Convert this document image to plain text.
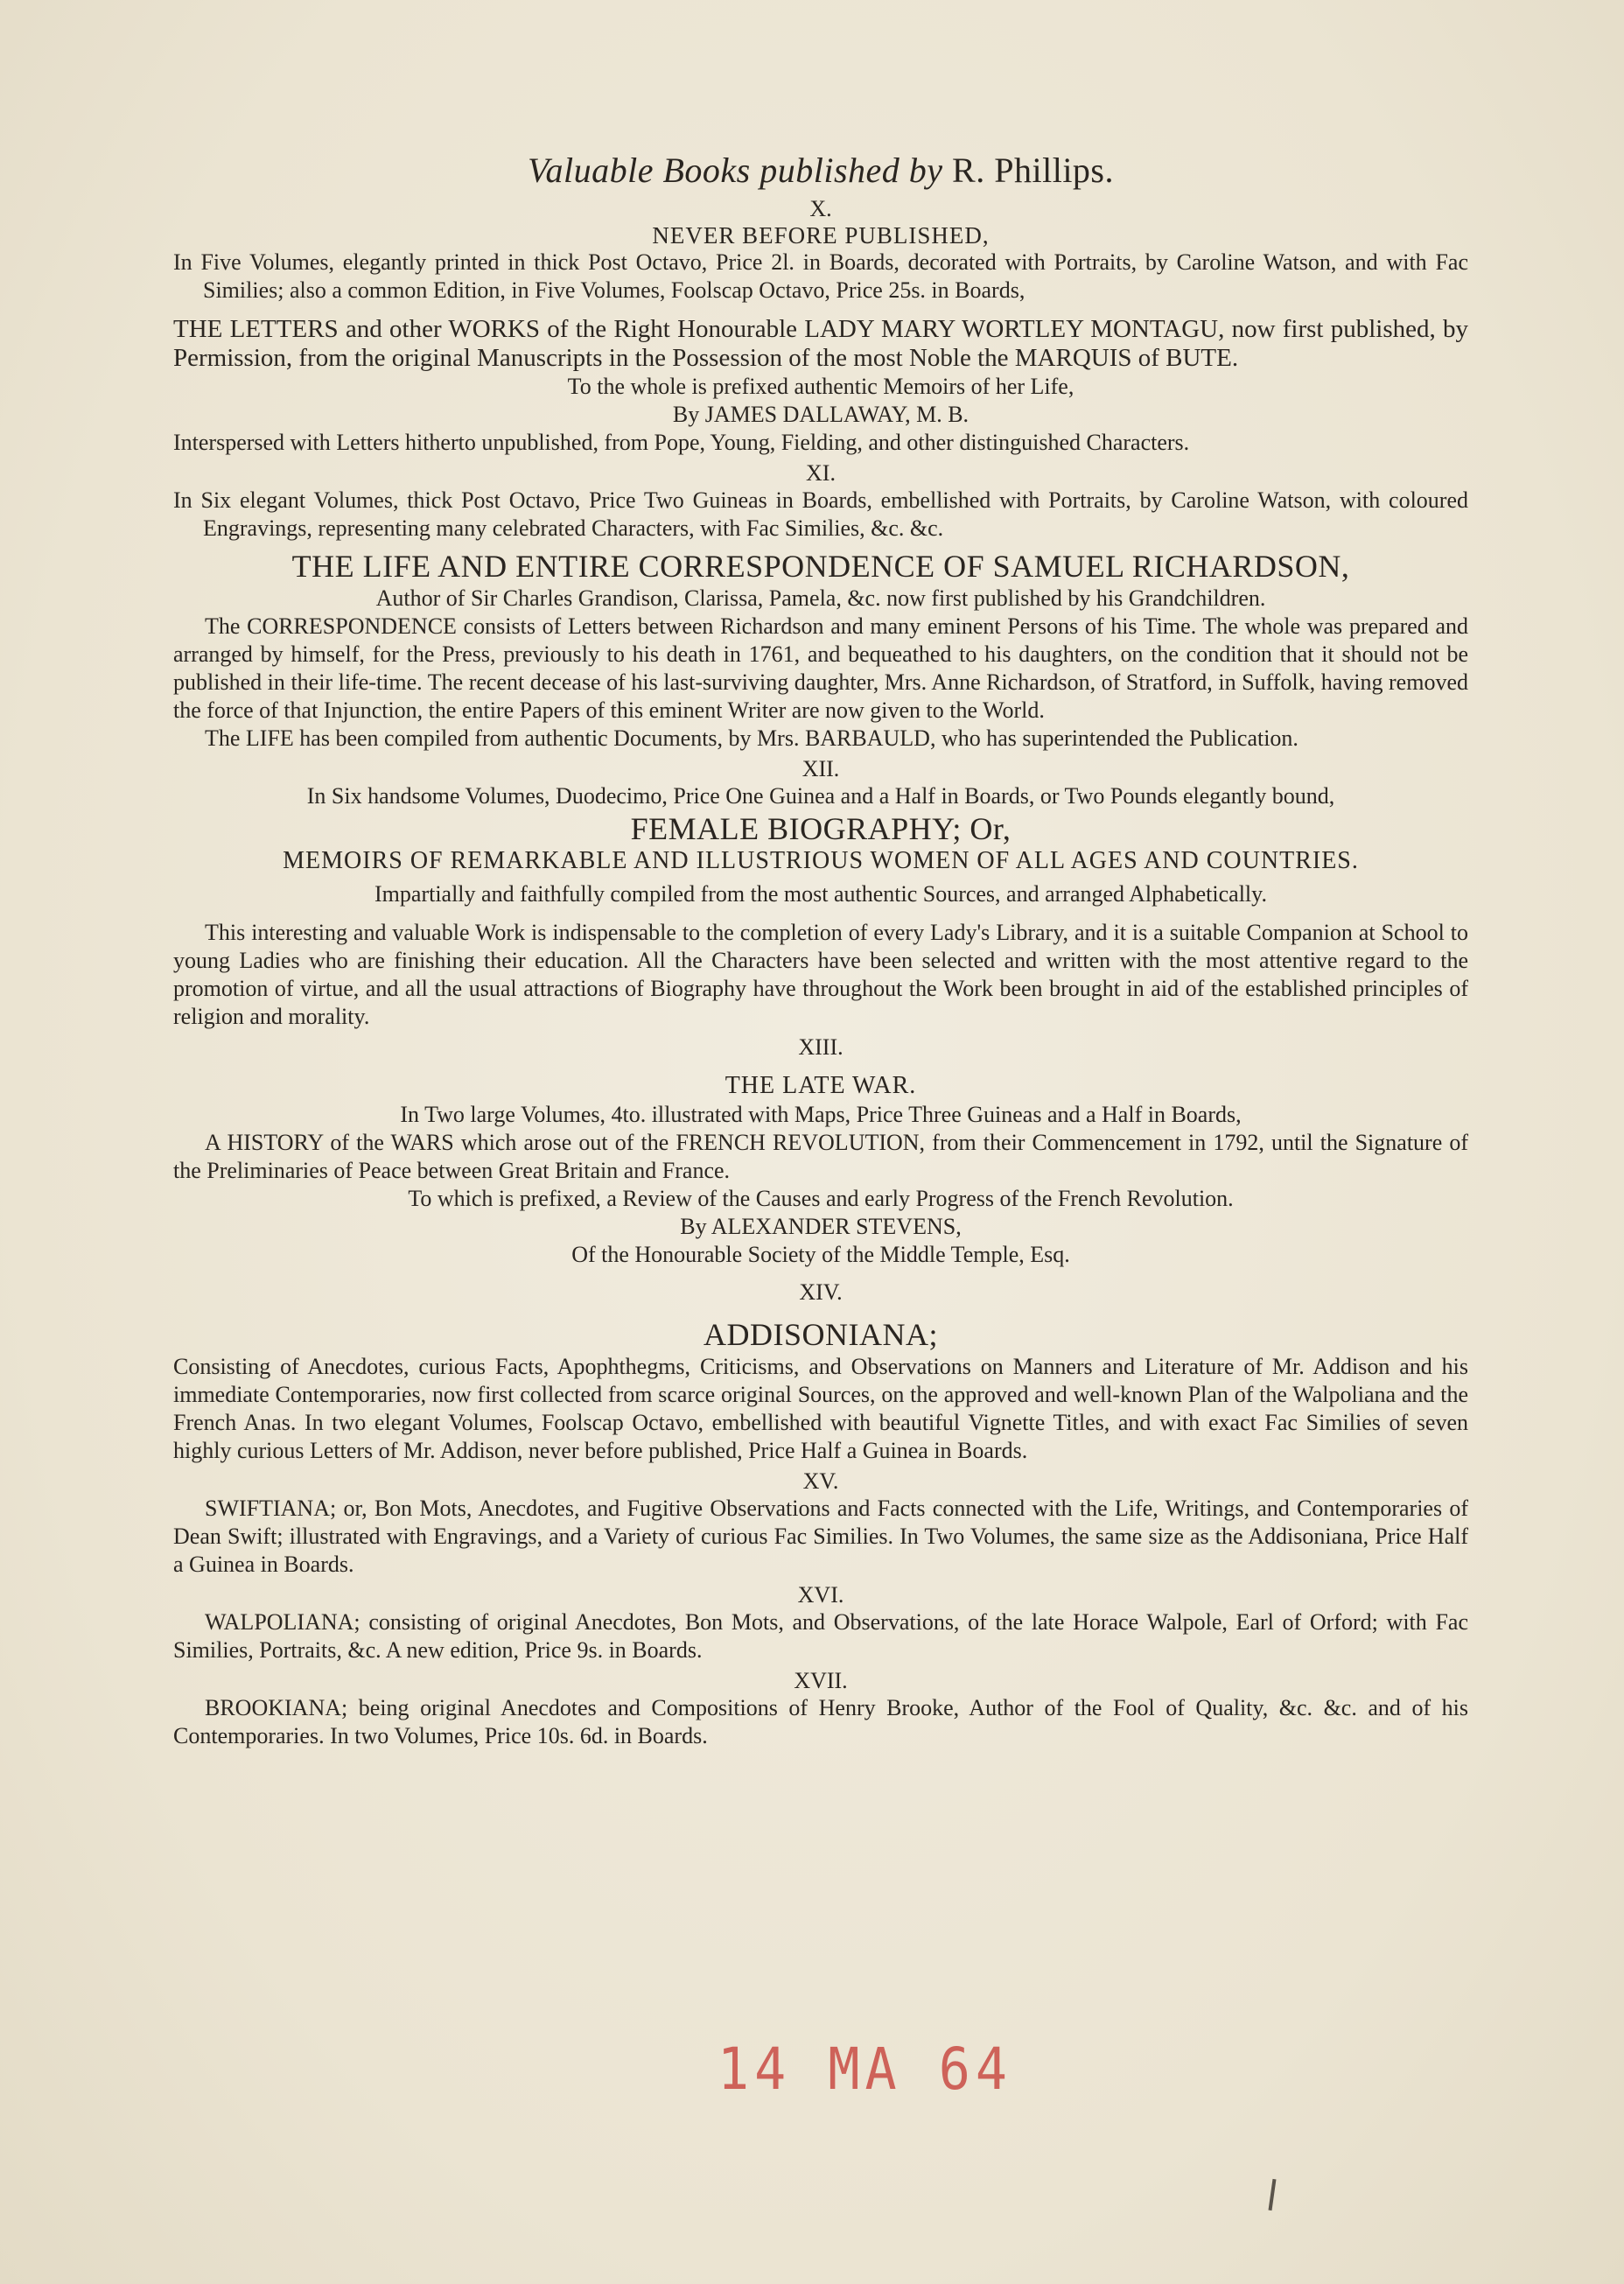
Valuable Books published by R. Phillips.
X.
NEVER BEFORE PUBLISHED,
In Five Volumes, elegantly printed in thick Post Octavo, Price 2l. in Boards, decorated with Portraits, by Caroline Watson, and with Fac Similies; also a common Edition, in Five Volumes, Foolscap Octavo, Price 25s. in Boards,
THE LETTERS and other WORKS of the Right Honourable LADY MARY WORTLEY MONTAGU, now first published, by Permission, from the original Manuscripts in the Possession of the most Noble the MARQUIS of BUTE.
To the whole is prefixed authentic Memoirs of her Life,
By JAMES DALLAWAY, M. B.
Interspersed with Letters hitherto unpublished, from Pope, Young, Fielding, and other distinguished Characters.
XI.
In Six elegant Volumes, thick Post Octavo, Price Two Guineas in Boards, embellished with Portraits, by Caroline Watson, with coloured Engravings, representing many celebrated Characters, with Fac Similies, &c. &c.
THE LIFE AND ENTIRE CORRESPONDENCE OF SAMUEL RICHARDSON,
Author of Sir Charles Grandison, Clarissa, Pamela, &c. now first published by his Grandchildren.
The CORRESPONDENCE consists of Letters between Richardson and many eminent Persons of his Time. The whole was prepared and arranged by himself, for the Press, previously to his death in 1761, and bequeathed to his daughters, on the condition that it should not be published in their life-time. The recent decease of his last-surviving daughter, Mrs. Anne Richardson, of Stratford, in Suffolk, having removed the force of that Injunction, the entire Papers of this eminent Writer are now given to the World.
The LIFE has been compiled from authentic Documents, by Mrs. BARBAULD, who has superintended the Publication.
XII.
In Six handsome Volumes, Duodecimo, Price One Guinea and a Half in Boards, or Two Pounds elegantly bound,
FEMALE BIOGRAPHY; Or,
MEMOIRS OF REMARKABLE AND ILLUSTRIOUS WOMEN OF ALL AGES AND COUNTRIES.
Impartially and faithfully compiled from the most authentic Sources, and arranged Alphabetically.
This interesting and valuable Work is indispensable to the completion of every Lady's Library, and it is a suitable Companion at School to young Ladies who are finishing their education. All the Characters have been selected and written with the most attentive regard to the promotion of virtue, and all the usual attractions of Biography have throughout the Work been brought in aid of the established principles of religion and morality.
XIII.
THE LATE WAR.
In Two large Volumes, 4to. illustrated with Maps, Price Three Guineas and a Half in Boards,
A HISTORY of the WARS which arose out of the FRENCH REVOLUTION, from their Commencement in 1792, until the Signature of the Preliminaries of Peace between Great Britain and France.
To which is prefixed, a Review of the Causes and early Progress of the French Revolution.
By ALEXANDER STEVENS,
Of the Honourable Society of the Middle Temple, Esq.
XIV.
ADDISONIANA;
Consisting of Anecdotes, curious Facts, Apophthegms, Criticisms, and Observations on Manners and Literature of Mr. Addison and his immediate Contemporaries, now first collected from scarce original Sources, on the approved and well-known Plan of the Walpoliana and the French Anas. In two elegant Volumes, Foolscap Octavo, embellished with beautiful Vignette Titles, and with exact Fac Similies of seven highly curious Letters of Mr. Addison, never before published, Price Half a Guinea in Boards.
XV.
SWIFTIANA; or, Bon Mots, Anecdotes, and Fugitive Observations and Facts connected with the Life, Writings, and Contemporaries of Dean Swift; illustrated with Engravings, and a Variety of curious Fac Similies. In Two Volumes, the same size as the Addisoniana, Price Half a Guinea in Boards.
XVI.
WALPOLIANA; consisting of original Anecdotes, Bon Mots, and Observations, of the late Horace Walpole, Earl of Orford; with Fac Similies, Portraits, &c. A new edition, Price 9s. in Boards.
XVII.
BROOKIANA; being original Anecdotes and Compositions of Henry Brooke, Author of the Fool of Quality, &c. &c. and of his Contemporaries. In two Volumes, Price 10s. 6d. in Boards.
14 MA 64
